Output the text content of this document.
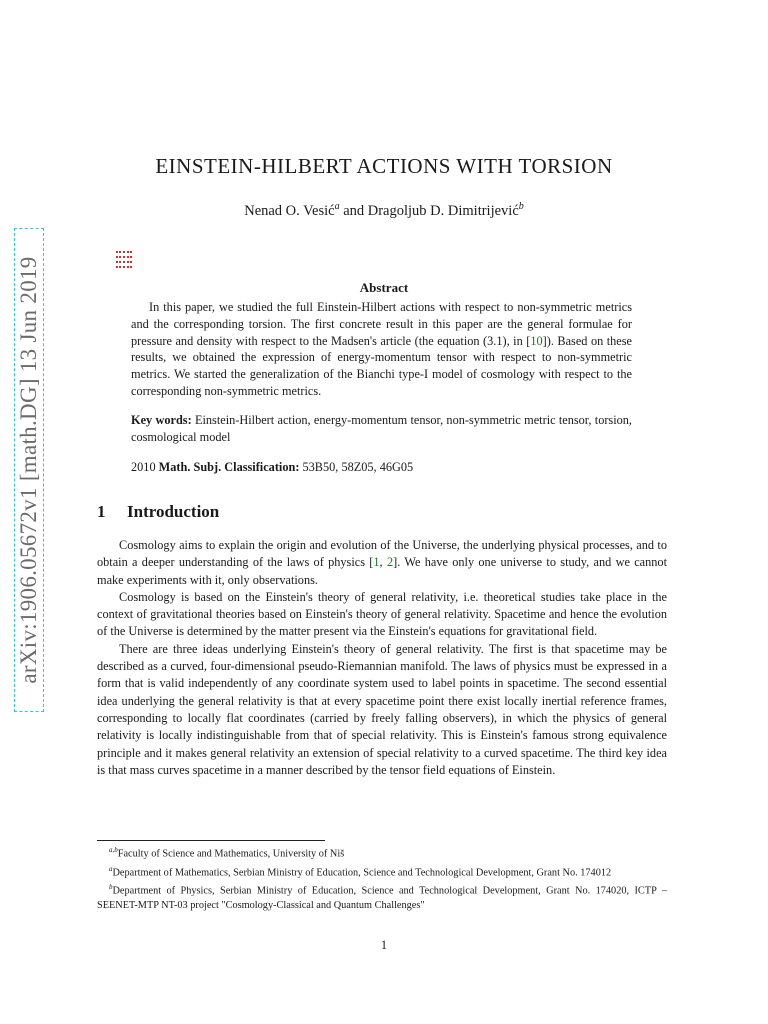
arXiv:1906.05672v1 [math.DG] 13 Jun 2019
EINSTEIN-HILBERT ACTIONS WITH TORSION
Nenad O. Vesić$^a$ and Dragoljub D. Dimitrijević$^b$
Abstract
In this paper, we studied the full Einstein-Hilbert actions with respect to non-symmetric metrics and the corresponding torsion. The first concrete result in this paper are the general formulae for pressure and density with respect to the Madsen's article (the equation (3.1), in [10]). Based on these results, we obtained the expression of energy-momentum tensor with respect to non-symmetric metrics. We started the generalization of the Bianchi type-I model of cosmology with respect to the corresponding non-symmetric metrics.
Key words: Einstein-Hilbert action, energy-momentum tensor, non-symmetric metric tensor, torsion, cosmological model
2010 Math. Subj. Classification: 53B50, 58Z05, 46G05
1 Introduction

Cosmology aims to explain the origin and evolution of the Universe, the underlying physical processes, and to obtain a deeper understanding of the laws of physics [1, 2]. We have only one universe to study, and we cannot make experiments with it, only observations.

Cosmology is based on the Einstein's theory of general relativity, i.e. theoretical studies take place in the context of gravitational theories based on Einstein's theory of general relativity. Spacetime and hence the evolution of the Universe is determined by the matter present via the Einstein's equations for gravitational field.

There are three ideas underlying Einstein's theory of general relativity. The first is that spacetime may be described as a curved, four-dimensional pseudo-Riemannian manifold. The laws of physics must be expressed in a form that is valid independently of any coordinate system used to label points in spacetime. The second essential idea underlying the general relativity is that at every spacetime point there exist locally inertial reference frames, corresponding to locally flat coordinates (carried by freely falling observers), in which the physics of general relativity is locally indistinguishable from that of special relativity. This is Einstein's famous strong equivalence principle and it makes general relativity an extension of special relativity to a curved spacetime. The third key idea is that mass curves spacetime in a manner described by the tensor field equations of Einstein.

$^{a,b}$Faculty of Science and Mathematics, University of Niš

$^a$Department of Mathematics, Serbian Ministry of Education, Science and Technological Development, Grant No. 174012

$^b$Department of Physics, Serbian Ministry of Education, Science and Technological Development, Grant No. 174020, ICTP – SEENET-MTP NT-03 project "Cosmology-Classical and Quantum Challenges"

1
